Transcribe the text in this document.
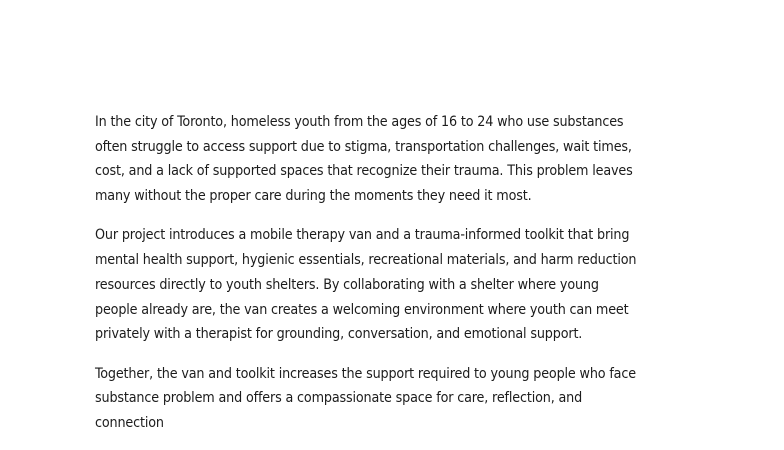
In the city of Toronto, homeless youth from the ages of 16 to 24 who use substances
often struggle to access support due to stigma, transportation challenges, wait times,
cost, and a lack of supported spaces that recognize their trauma. This problem leaves
many without the proper care during the moments they need it most.

Our project introduces a mobile therapy van and a trauma-informed toolkit that bring
mental health support, hygienic essentials, recreational materials, and harm reduction
resources directly to youth shelters. By collaborating with a shelter where young
people already are, the van creates a welcoming environment where youth can meet
privately with a therapist for grounding, conversation, and emotional support.

Together, the van and toolkit increases the support required to young people who face
substance problem and offers a compassionate space for care, reflection, and
connection
